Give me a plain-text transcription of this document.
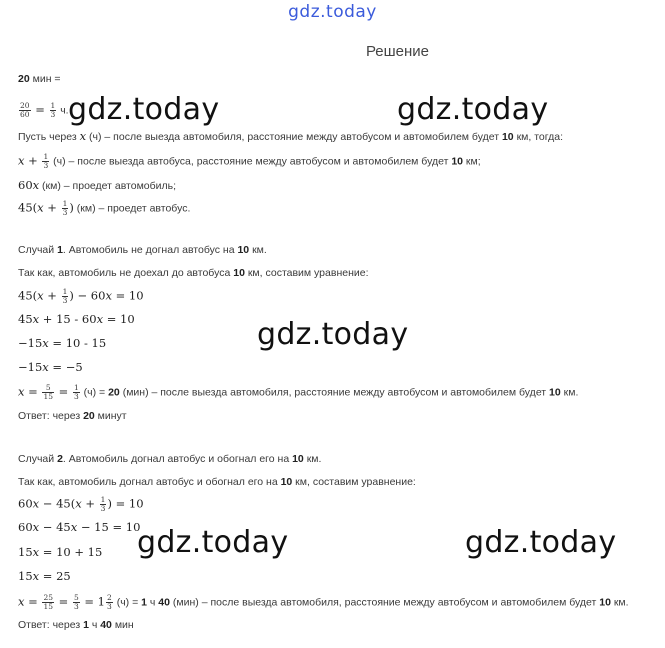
gdz.today
Решение
20 мин =
$\frac{20}{60} = \frac{1}{3} ч$.
Пусть через x (ч) – после выезда автомобиля, расстояние между автобусом и автомобилем будет 10 км, тогда:
$x + \frac{1}{3} (ч)$ – после выезда автобуса, расстояние между автобусом и автомобилем будет 10 км;
60x (км) – проедет автомобиль;
$45(x + \frac{1}{3}$ ) (км) – проедет автобус.
Случай 1. Автомобиль не догнал автобус на 10 км.
Так как, автомобиль не доехал до автобуса 10 км, составим уравнение:
$45(x + \frac{1}{3}$ ) − 60x = 10
45x + 15 - 60x = 10
−15x = 10 - 15
−15x = −5
$x = \frac{5}{15} = \frac{1}{3} (ч) = 20$ (мин) – после выезда автомобиля, расстояние между автобусом и автомобилем будет 10 км.
Ответ: через 20 минут
Случай 2. Автомобиль догнал автобус и обогнал его на 10 км.
Так как, автомобиль догнал автобус и обогнал его на 10 км, составим уравнение:
$60x - 45(x + \frac{1}{3}$ ) = 10
60x − 45x − 15 = 10
15x = 10 + 15
15x = 25
$x = \frac{25}{15} = \frac{5}{3} = 1 \frac{2}{3} (ч) = 1$ ч 40 (мин) – после выезда автомобиля, расстояние между автобусом и автомобилем будет 10 км.
Ответ: через 1 ч 40 мин
gdz.today	gdz.today
gdz.today
gdz.today	gdz.today
